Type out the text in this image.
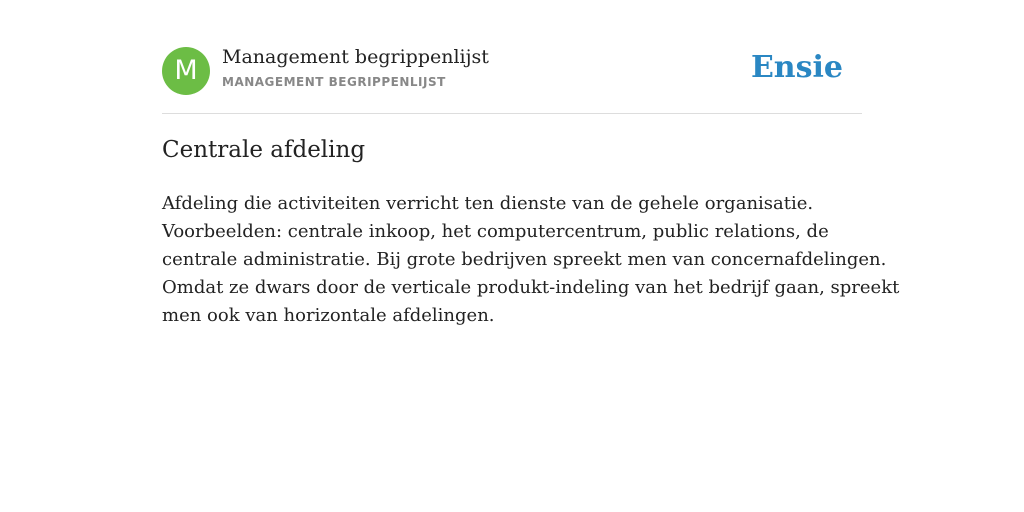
M	Management begrippenlijst
MANAGEMENT BEGRIPPENLIJST	Ensie
Centrale afdeling

Afdeling die activiteiten verricht ten dienste van de gehele organisatie.
Voorbeelden: centrale inkoop, het computercentrum, public relations, de
centrale administratie. Bij grote bedrijven spreekt men van concernafdelingen.
Omdat ze dwars door de verticale produkt-indeling van het bedrijf gaan, spreekt
men ook van horizontale afdelingen.
